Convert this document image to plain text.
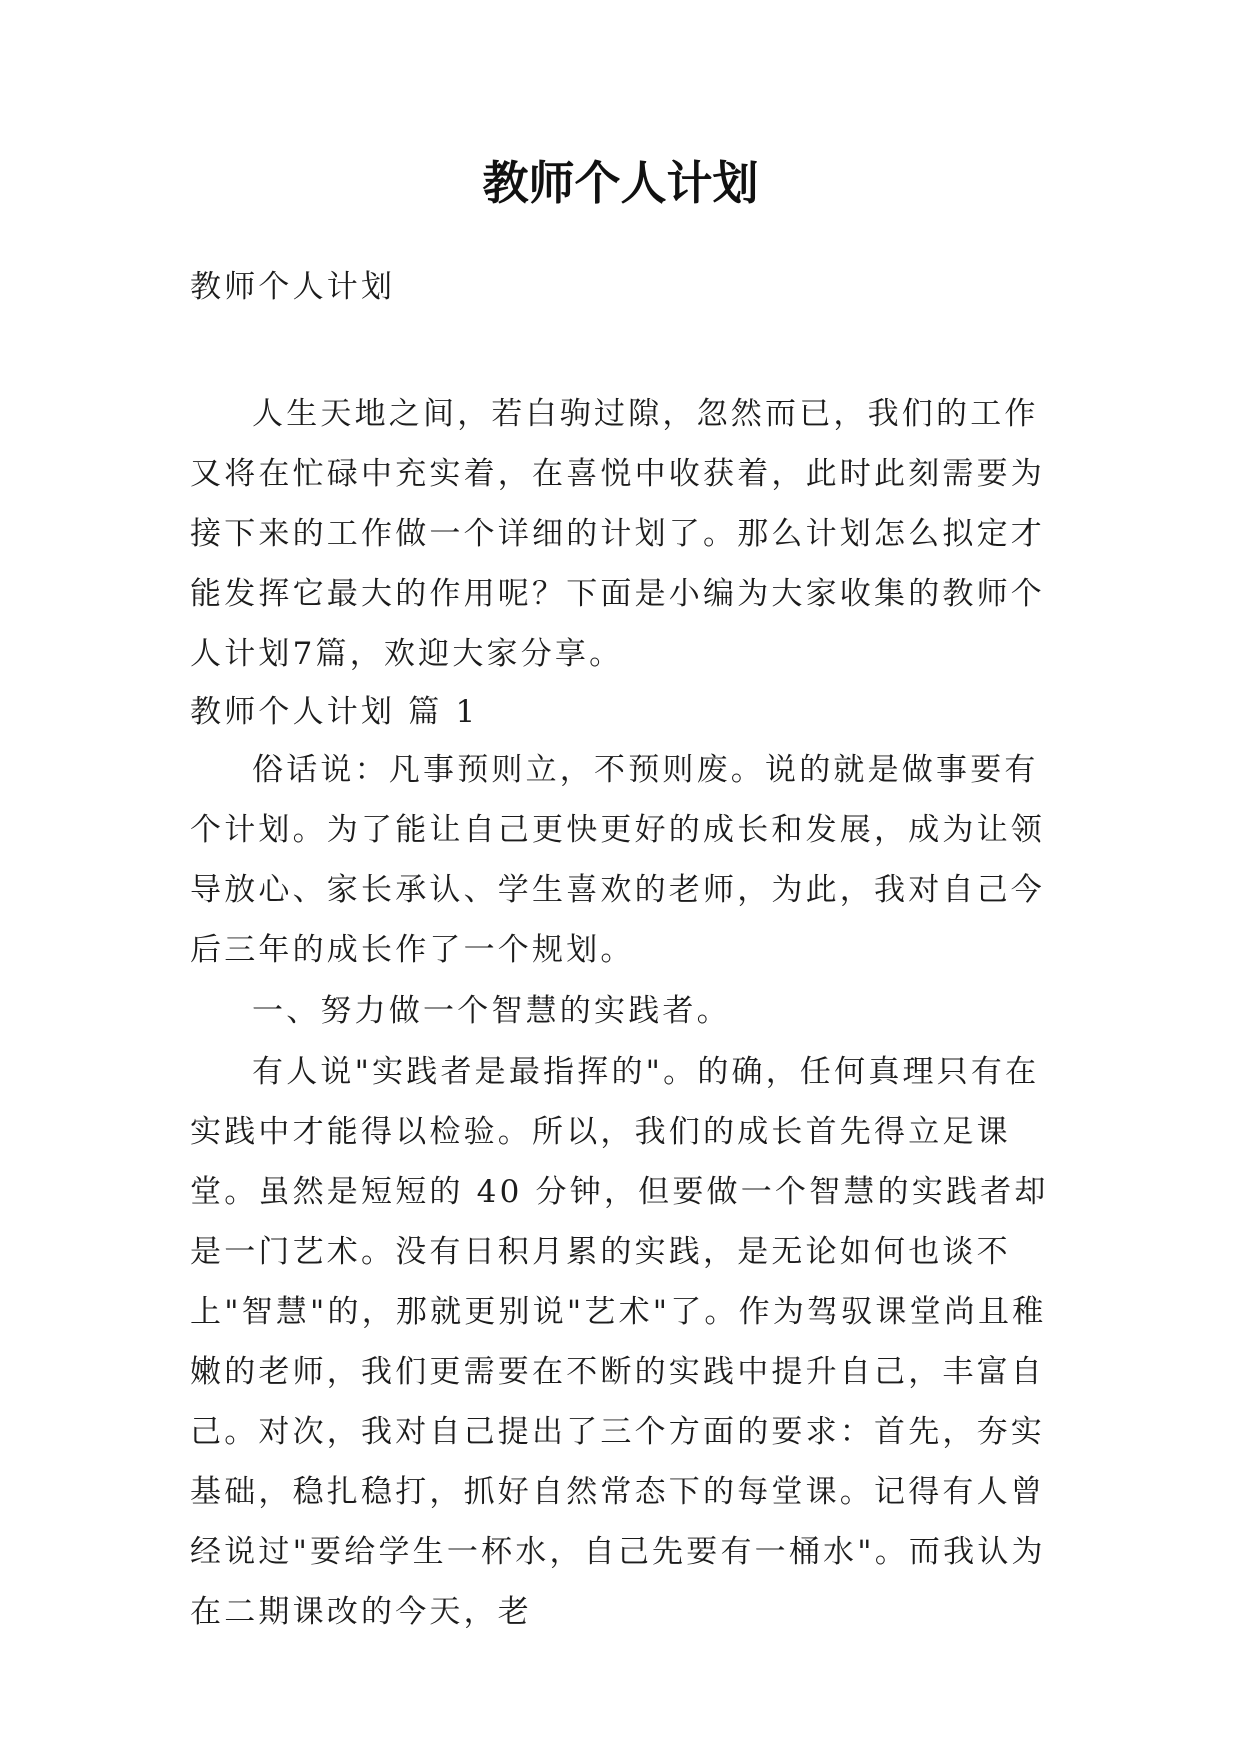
教师个人计划

教师个人计划

人生天地之间，若白驹过隙，忽然而已，我们的工作又将在忙碌中充实着，在喜悦中收获着，此时此刻需要为接下来的工作做一个详细的计划了。那么计划怎么拟定才能发挥它最大的作用呢？下面是小编为大家收集的教师个人计划7篇，欢迎大家分享。

教师个人计划 篇 1

俗话说：凡事预则立，不预则废。说的就是做事要有个计划。为了能让自己更快更好的成长和发展，成为让领导放心、家长承认、学生喜欢的老师，为此，我对自己今后三年的成长作了一个规划。

一、努力做一个智慧的实践者。

有人说"实践者是最指挥的"。的确，任何真理只有在实践中才能得以检验。所以，我们的成长首先得立足课堂。虽然是短短的 40 分钟，但要做一个智慧的实践者却是一门艺术。没有日积月累的实践，是无论如何也谈不上"智慧"的，那就更别说"艺术"了。作为驾驭课堂尚且稚嫩的老师，我们更需要在不断的实践中提升自己，丰富自己。对次，我对自己提出了三个方面的要求：首先，夯实基础，稳扎稳打，抓好自然常态下的每堂课。记得有人曾经说过"要给学生一杯水，自己先要有一桶水"。而我认为在二期课改的今天，老
